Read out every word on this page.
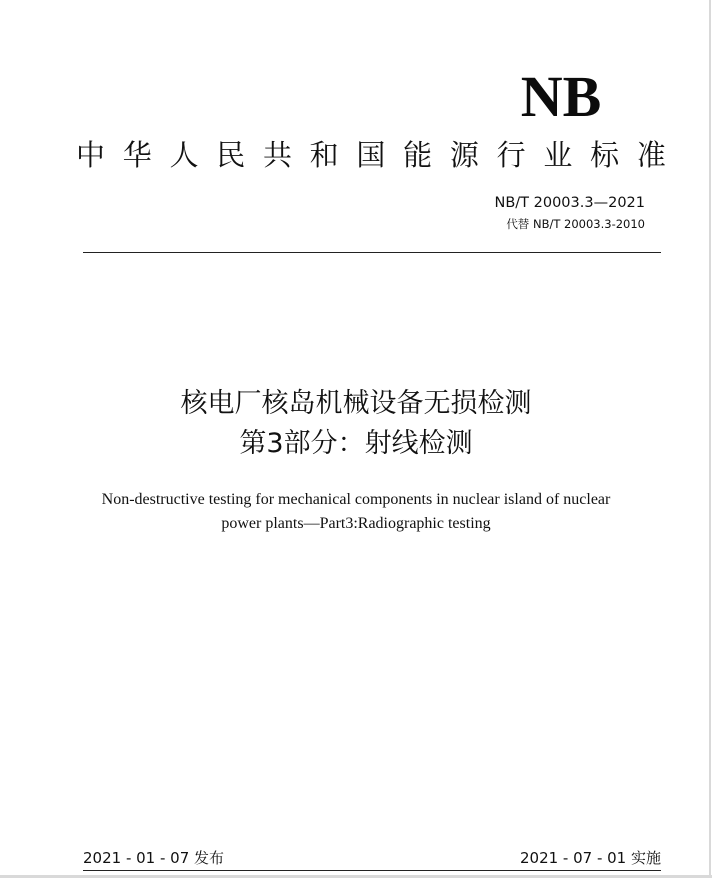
NB
中 华 人 民 共 和 国 能 源 行 业 标 准
NB/T 20003.3—2021
代替 NB/T 20003.3-2010
核电厂核岛机械设备无损检测
第3部分：射线检测
Non-destructive testing for mechanical components in nuclear island of nuclear
power plants—Part3:Radiographic testing
2021 - 01 - 07 发布	2021 - 07 - 01 实施
